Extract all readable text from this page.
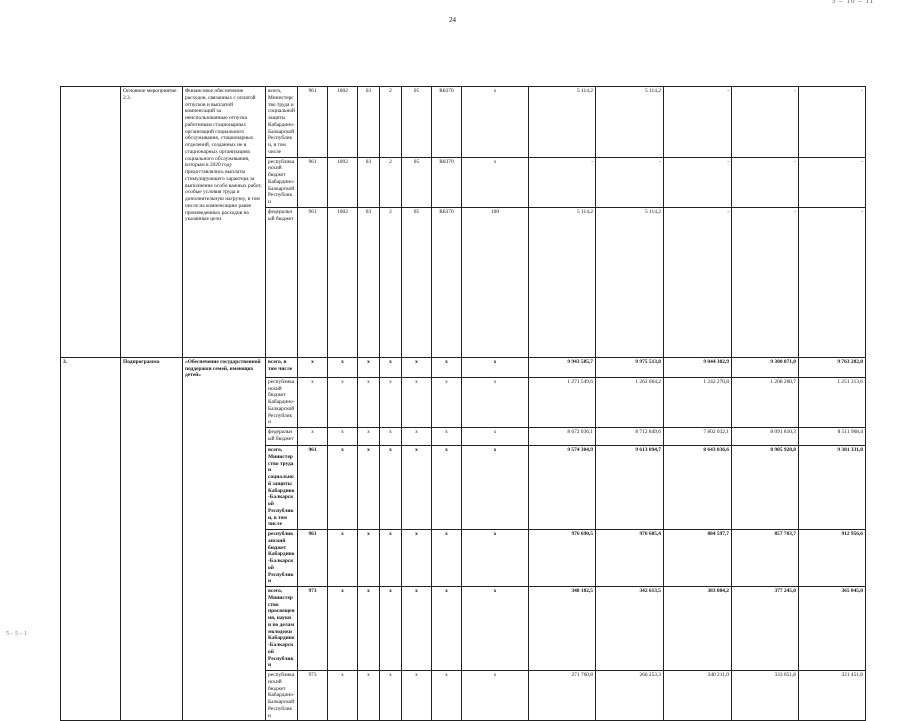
24
5 – 10 – 11
	Основное мероприятие 2.3.	Финансовое обеспечение расходов, связанных с оплатой отпусков и выплатой компенсаций за неиспользованные отпуска работникам стационарных организаций социального обслуживания, стационарных отделений, созданных не в стационарных организациях социального обслуживания, которым в 2020 году предоставлялись выплаты стимулирующего характера за выполнение особо важных работ, особые условия труда и дополнительную нагрузку, в том числе на компенсацию ранее произведенных расходов на указанные цели	всего, Министерство труда и социальной защиты Кабардино-Балкарской Республики, в том числе	961	1002	03	2	05	R8370	x	5 114,2	5 114,2	-	-	-	
			республиканский бюджет Кабардино-Балкарской Республики	961	1002	03	2	05	R8370	x	-	-	-	-	-	
			федеральный бюджет	961	1002	03	2	05	R8370	100	5 114,2	5 114,2	-	-	-	
3.	Подпрограмма	«Обеспечение государственной поддержки семей, имеющих детей»	всего, в том числе	x	x	x	x	x	x	x	9 943 585,7	9 975 513,8	9 044 302,9	9 300 071,0	9 763 282,0	
			республиканский бюджет Кабардино-Балкарской Республики	x	x	x	x	x	x	x	1 271 549,6	1 262 664,2	1 242 270,8	1 208 260,7	1 251 313,6	
			федеральный бюджет	x	x	x	x	x	x	x	8 672 036,1	8 712 849,6	7 802 032,1	8 091 810,3	8 511 968,4	
			всего, Министерство труда и социальной защиты Кабардино-Балкарской Республики, в том числе	961	x	x	x	x	x	x	9 574 304,9	9 613 094,7	8 643 036,6	8 905 920,8	9 381 331,8	
			республиканский бюджет Кабардино-Балкарской Республики	961	x	x	x	x	x	x	976 690,5	976 605,4	884 597,7	857 703,7	912 956,6	
			всего, Министерство просвещения, науки и по делам молодежи Кабардино-Балкарской Республики	973	x	x	x	x	x	x	348 182,5	342 613,5	383 804,2	377 245,0	365 045,0	
			республиканский бюджет Кабардино-Балкарской Республики	973	x	x	x	x	x	x	271 760,8	266 253,3	340 211,0	333 651,8	321 451,8	
5 – 5 – 1
